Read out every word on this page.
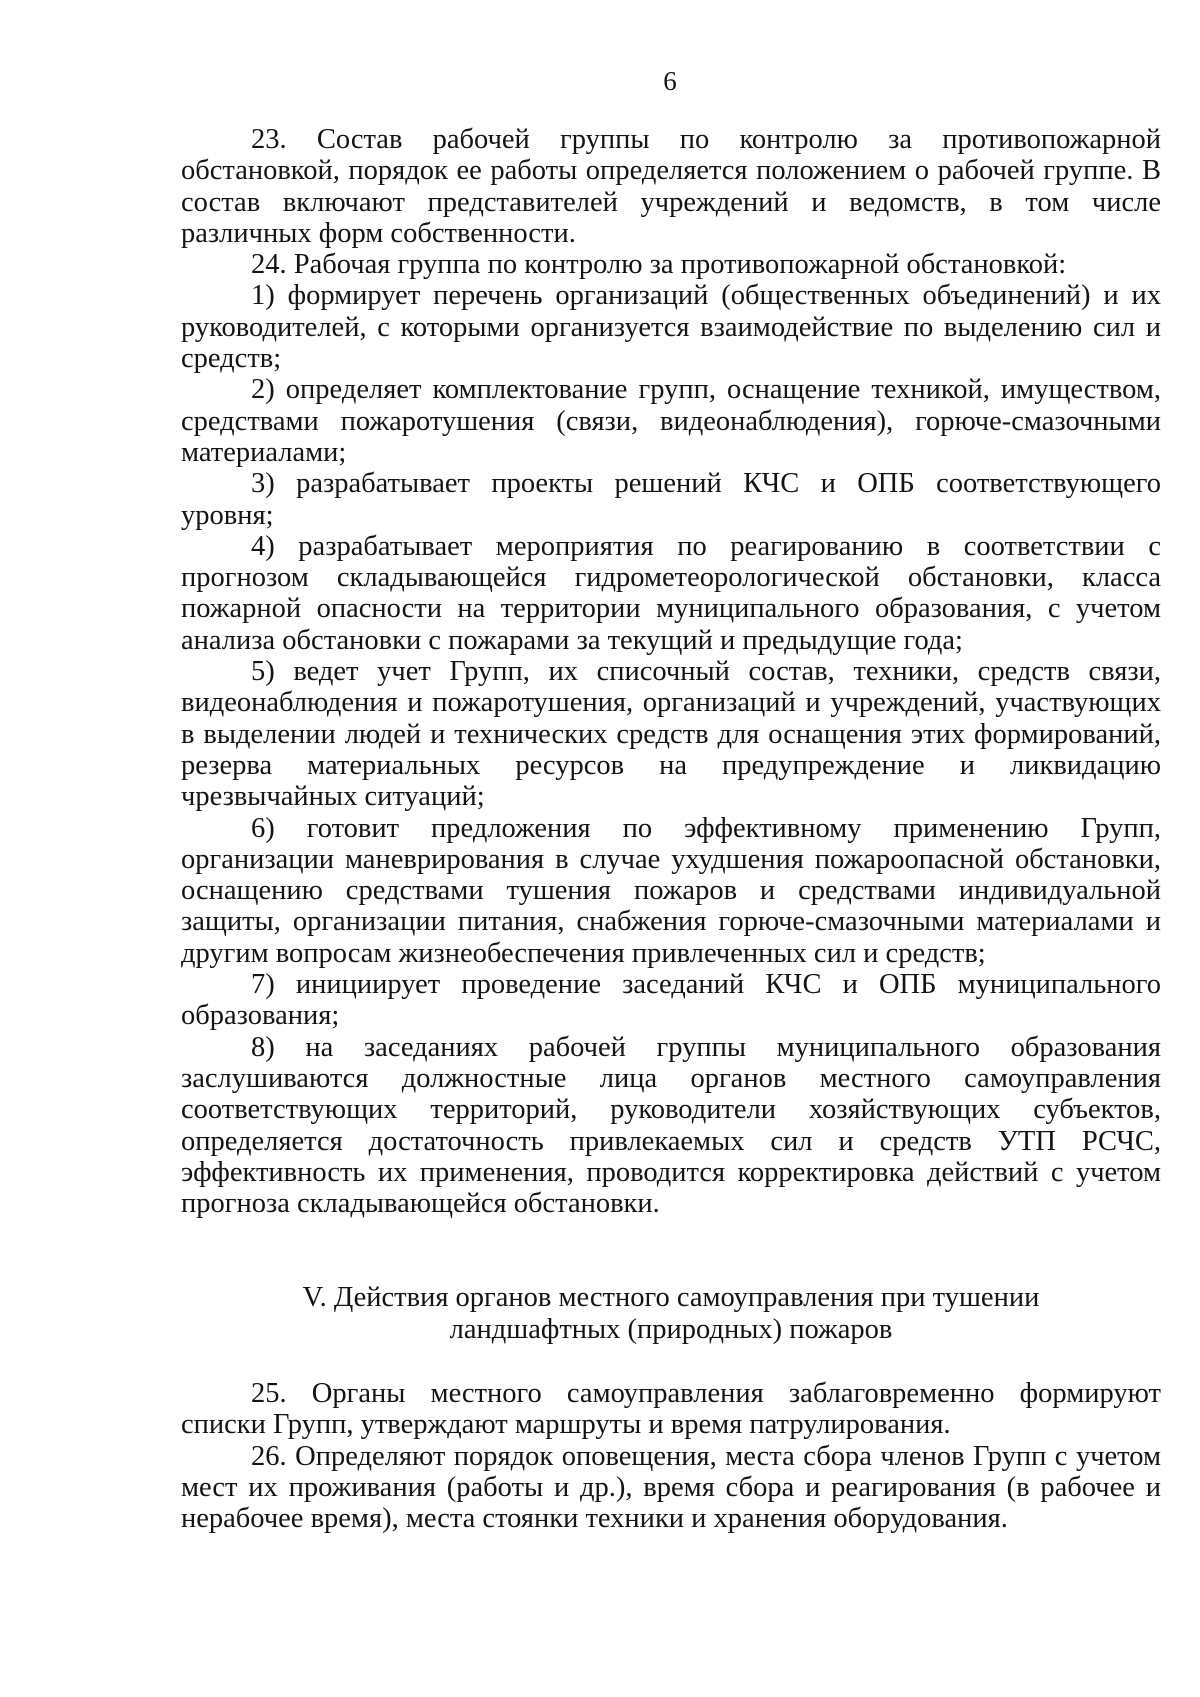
6

23. Состав рабочей группы по контролю за противопожарной обстановкой, порядок ее работы определяется положением о рабочей группе. В состав включают представителей учреждений и ведомств, в том числе различных форм собственности.

24. Рабочая группа по контролю за противопожарной обстановкой:

1) формирует перечень организаций (общественных объединений) и их руководителей, с которыми организуется взаимодействие по выделению сил и средств;

2) определяет комплектование групп, оснащение техникой, имуществом, средствами пожаротушения (связи, видеонаблюдения), горюче-смазочными материалами;

3) разрабатывает проекты решений КЧС и ОПБ соответствующего уровня;

4) разрабатывает мероприятия по реагированию в соответствии с прогнозом складывающейся гидрометеорологической обстановки, класса пожарной опасности на территории муниципального образования, с учетом анализа обстановки с пожарами за текущий и предыдущие года;

5) ведет учет Групп, их списочный состав, техники, средств связи, видеонаблюдения и пожаротушения, организаций и учреждений, участвующих в выделении людей и технических средств для оснащения этих формирований, резерва материальных ресурсов на предупреждение и ликвидацию чрезвычайных ситуаций;

6) готовит предложения по эффективному применению Групп, организации маневрирования в случае ухудшения пожароопасной обстановки, оснащению средствами тушения пожаров и средствами индивидуальной защиты, организации питания, снабжения горюче-смазочными материалами и другим вопросам жизнеобеспечения привлеченных сил и средств;

7) инициирует проведение заседаний КЧС и ОПБ муниципального образования;

8) на заседаниях рабочей группы муниципального образования заслушиваются должностные лица органов местного самоуправления соответствующих территорий, руководители хозяйствующих субъектов, определяется достаточность привлекаемых сил и средств УТП РСЧС, эффективность их применения, проводится корректировка действий с учетом прогноза складывающейся обстановки.

V. Действия органов местного самоуправления при тушении
ландшафтных (природных) пожаров

25. Органы местного самоуправления заблаговременно формируют списки Групп, утверждают маршруты и время патрулирования.

26. Определяют порядок оповещения, места сбора членов Групп с учетом мест их проживания (работы и др.), время сбора и реагирования (в рабочее и нерабочее время), места стоянки техники и хранения оборудования.
